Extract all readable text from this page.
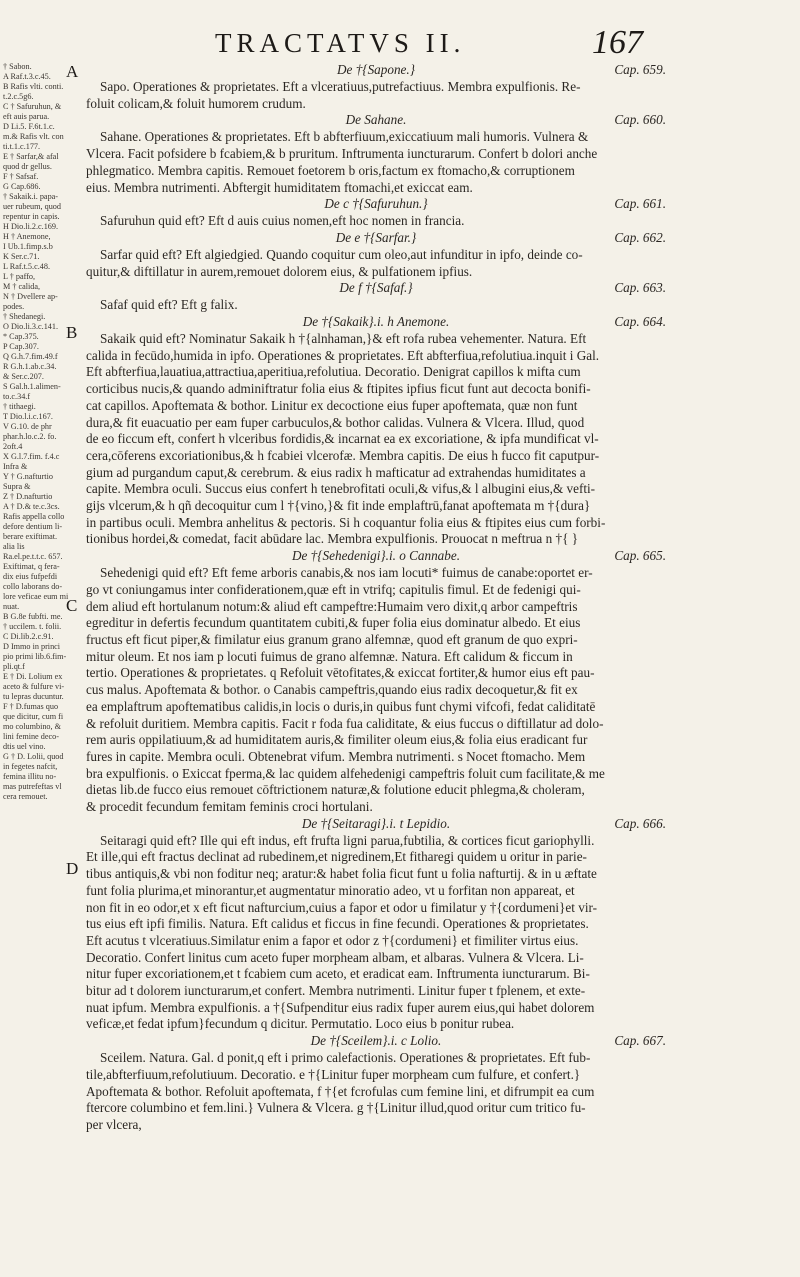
TRACTATVS II.	167
† Sabon.
A Raf.t.3.c.45.
B Rafis vlti. conti.
t.2.c.5g6.
C † Safuruhun, &
eft auis parua.
D Li.5. F.6t.1.c.
m.& Rafis vlt. con
ti.t.1.c.177.
E † Sarfar,& afal
quod dr gellus.
F † Safsaf.
G Cap.686.
† Sakaik.i. papa-
uer rubeum, quod
repentur in capis.
H Dio.li.2.c.169.
H † Anemone,
I Ub.1.fimp.s.b
K Ser.c.71.
L Raf.t.5.c.48.
L † paffo,
M † calida,
N † Dvellere ap-
podes.
† Shedanegi.
O Dio.li.3.c.141.
* Cap.375.
P Cap.307.
Q G.h.7.fim.49.f
R G.h.1.ab.c.34.
& Ser.c.207.
S Gal.h.1.alimen-
to.c.34.f
† tithaegi.
T Dio.l.i.c.167.
V G.10. de phr
phar.h.lo.c.2. fo.
2oft.4
X G.l.7.fim. f.4.c
Infra &
Y † G.nafturtio
Supra &
Z † D.nafturtio
A † D.& te.c.3cs.
Rafis appella collo
defore dentium li-
berare exiftimat.
alia lis
Ra.el.pe.t.t.c. 657.
Exiftimat, q fera-
dix eius fufpefdi
collo laborans do-
lore veficae eum mi
nuat.
B G.8e fubfti. me.
† uccilem. t. folii.
C Di.lib.2.c.91.
D Immo in princi
pio primi lib.6.fim-
pli.qt.f
E † Di. Lolium ex
aceto & fulfure vi-
tu lepras ducuntur.
F † D.fumas quo
que dicitur, cum fi
mo columbino, &
lini femine deco-
dtis uel vino.
G † D. Lolii, quod
in fegetes nafcit,
femina illitu no-
mas putrefeftas vl
cera remouet.
A
B
C
D
De †{Sapone.}	Cap. 659.

Sapo. Operationes & proprietates. Eft a vlceratiuus,putrefactiuus. Membra expulfionis. Re-

foluit colicam,& foluit humorem crudum.

De Sahane.	Cap. 660.

Sahane. Operationes & proprietates. Eft b abfterfiuum,exiccatiuum mali humoris. Vulnera &

Vlcera. Facit pofsidere b fcabiem,& b pruritum. Inftrumenta iuncturarum. Confert b dolori anche

phlegmatico. Membra capitis. Remouet foetorem b oris,factum ex ftomacho,& corruptionem

eius. Membra nutrimenti. Abftergit humiditatem ftomachi,et exiccat eam.

De c †{Safuruhun.}	Cap. 661.

Safuruhun quid eft? Eft d auis cuius nomen,eft hoc nomen in francia.

De e †{Sarfar.}	Cap. 662.

Sarfar quid eft? Eft algiedgied. Quando coquitur cum oleo,aut infunditur in ipfo, deinde co-

quitur,& diftillatur in aurem,remouet dolorem eius, & pulfationem ipfius.

De f †{Safaf.}	Cap. 663.

Safaf quid eft? Eft g falix.

De †{Sakaik}.i. h Anemone.	Cap. 664.

Sakaik quid eft? Nominatur Sakaik h †{alnhaman,}& eft rofa rubea vehementer. Natura. Eft

calida in fecūdo,humida in ipfo. Operationes & proprietates. Eft abfterfiua,refolutiua.inquit i Gal.

Eft abfterfiua,lauatiua,attractiua,aperitiua,refolutiua. Decoratio. Denigrat capillos k mifta cum

corticibus nucis,& quando adminiftratur folia eius & ftipites ipfius ficut funt aut decocta bonifi-

cat capillos. Apoftemata & bothor. Linitur ex decoctione eius fuper apoftemata, quæ non funt

dura,& fit euacuatio per eam fuper carbuculos,& bothor calidas. Vulnera & Vlcera. Illud, quod

de eo ficcum eft, confert h vlceribus fordidis,& incarnat ea ex excoriatione, & ipfa mundificat vl-

cera,cōferens excoriationibus,& h fcabiei vlcerofæ. Membra capitis. De eius h fucco fit caputpur-

gium ad purgandum caput,& cerebrum. & eius radix h mafticatur ad extrahendas humiditates a

capite. Membra oculi. Succus eius confert h tenebrofitati oculi,& vifus,& l albugini eius,& vefti-

gijs vlcerum,& h qñ decoquitur cum l †{vino,}& fit inde emplaftrū,fanat apoftemata m †{dura}

in partibus oculi. Membra anhelitus & pectoris. Si h coquantur folia eius & ftipites eius cum forbi-

tionibus hordei,& comedat, facit abūdare lac. Membra expulfionis. Prouocat n meftrua n †{ }

De †{Sehedenigi}.i. o Cannabe.	Cap. 665.

Sehedenigi quid eft? Eft feme arboris canabis,& nos iam locuti* fuimus de canabe:oportet er-

go vt coniungamus inter confiderationem,quæ eft in vtrifq; capitulis fimul. Et de fedenigi qui-

dem aliud eft hortulanum notum:& aliud eft campeftre:Humaim vero dixit,q arbor campeftris

egreditur in defertis fecundum quantitatem cubiti,& fuper folia eius dominatur albedo. Et eius

fructus eft ficut piper,& fimilatur eius granum grano alfemnæ, quod eft granum de quo expri-

mitur oleum. Et nos iam p locuti fuimus de grano alfemnæ. Natura. Eft calidum & ficcum in

tertio. Operationes & proprietates. q Refoluit vētofitates,& exiccat fortiter,& humor eius eft pau-

cus malus. Apoftemata & bothor. o Canabis campeftris,quando eius radix decoquetur,& fit ex

ea emplaftrum apoftematibus calidis,in locis o duris,in quibus funt chymi vifcofi, fedat caliditatē

& refoluit duritiem. Membra capitis. Facit r foda fua caliditate, & eius fuccus o diftillatur ad dolo-

rem auris oppilatiuum,& ad humiditatem auris,& fimiliter oleum eius,& folia eius eradicant fur

fures in capite. Membra oculi. Obtenebrat vifum. Membra nutrimenti. s Nocet ftomacho. Mem

bra expulfionis. o Exiccat fperma,& lac quidem alfehedenigi campeftris foluit cum facilitate,& me

dietas lib.de fucco eius remouet cōftrictionem naturæ,& folutione educit phlegma,& choleram,

& procedit fecundum femitam feminis croci hortulani.

De †{Seitaragi}.i. t Lepidio.	Cap. 666.

Seitaragi quid eft? Ille qui eft indus, eft frufta ligni parua,fubtilia, & cortices ficut gariophylli.

Et ille,qui eft fractus declinat ad rubedinem,et nigredinem,Et fitharegi quidem u oritur in parie-

tibus antiquis,& vbi non foditur neq; aratur:& habet folia ficut funt u folia nafturtij. & in u æftate

funt folia plurima,et minorantur,et augmentatur minoratio adeo, vt u forfitan non appareat, et

non fit in eo odor,et x eft ficut nafturcium,cuius a fapor et odor u fimilatur y †{cordumeni}et vir-

tus eius eft ipfi fimilis. Natura. Eft calidus et ficcus in fine fecundi. Operationes & proprietates.

Eft acutus t vlceratiuus.Similatur enim a fapor et odor z †{cordumeni} et fimiliter virtus eius.

Decoratio. Confert linitus cum aceto fuper morpheam albam, et albaras. Vulnera & Vlcera. Li-

nitur fuper excoriationem,et t fcabiem cum aceto, et eradicat eam. Inftrumenta iuncturarum. Bi-

bitur ad t dolorem iuncturarum,et confert. Membra nutrimenti. Linitur fuper t fplenem, et exte-

nuat ipfum. Membra expulfionis. a †{Sufpenditur eius radix fuper aurem eius,qui habet dolorem

veficæ,et fedat ipfum}fecundum q dicitur. Permutatio. Loco eius b ponitur rubea.

De †{Sceilem}.i. c Lolio.	Cap. 667.

Sceilem. Natura. Gal. d ponit,q eft i primo calefactionis. Operationes & proprietates. Eft fub-

tile,abfterfiuum,refolutiuum. Decoratio. e †{Linitur fuper morpheam cum fulfure, et confert.}

Apoftemata & bothor. Refoluit apoftemata, f †{et fcrofulas cum femine lini, et difrumpit ea cum

ftercore columbino et fem.lini.} Vulnera & Vlcera. g †{Linitur illud,quod oritur cum tritico fu-

per vlcera,
